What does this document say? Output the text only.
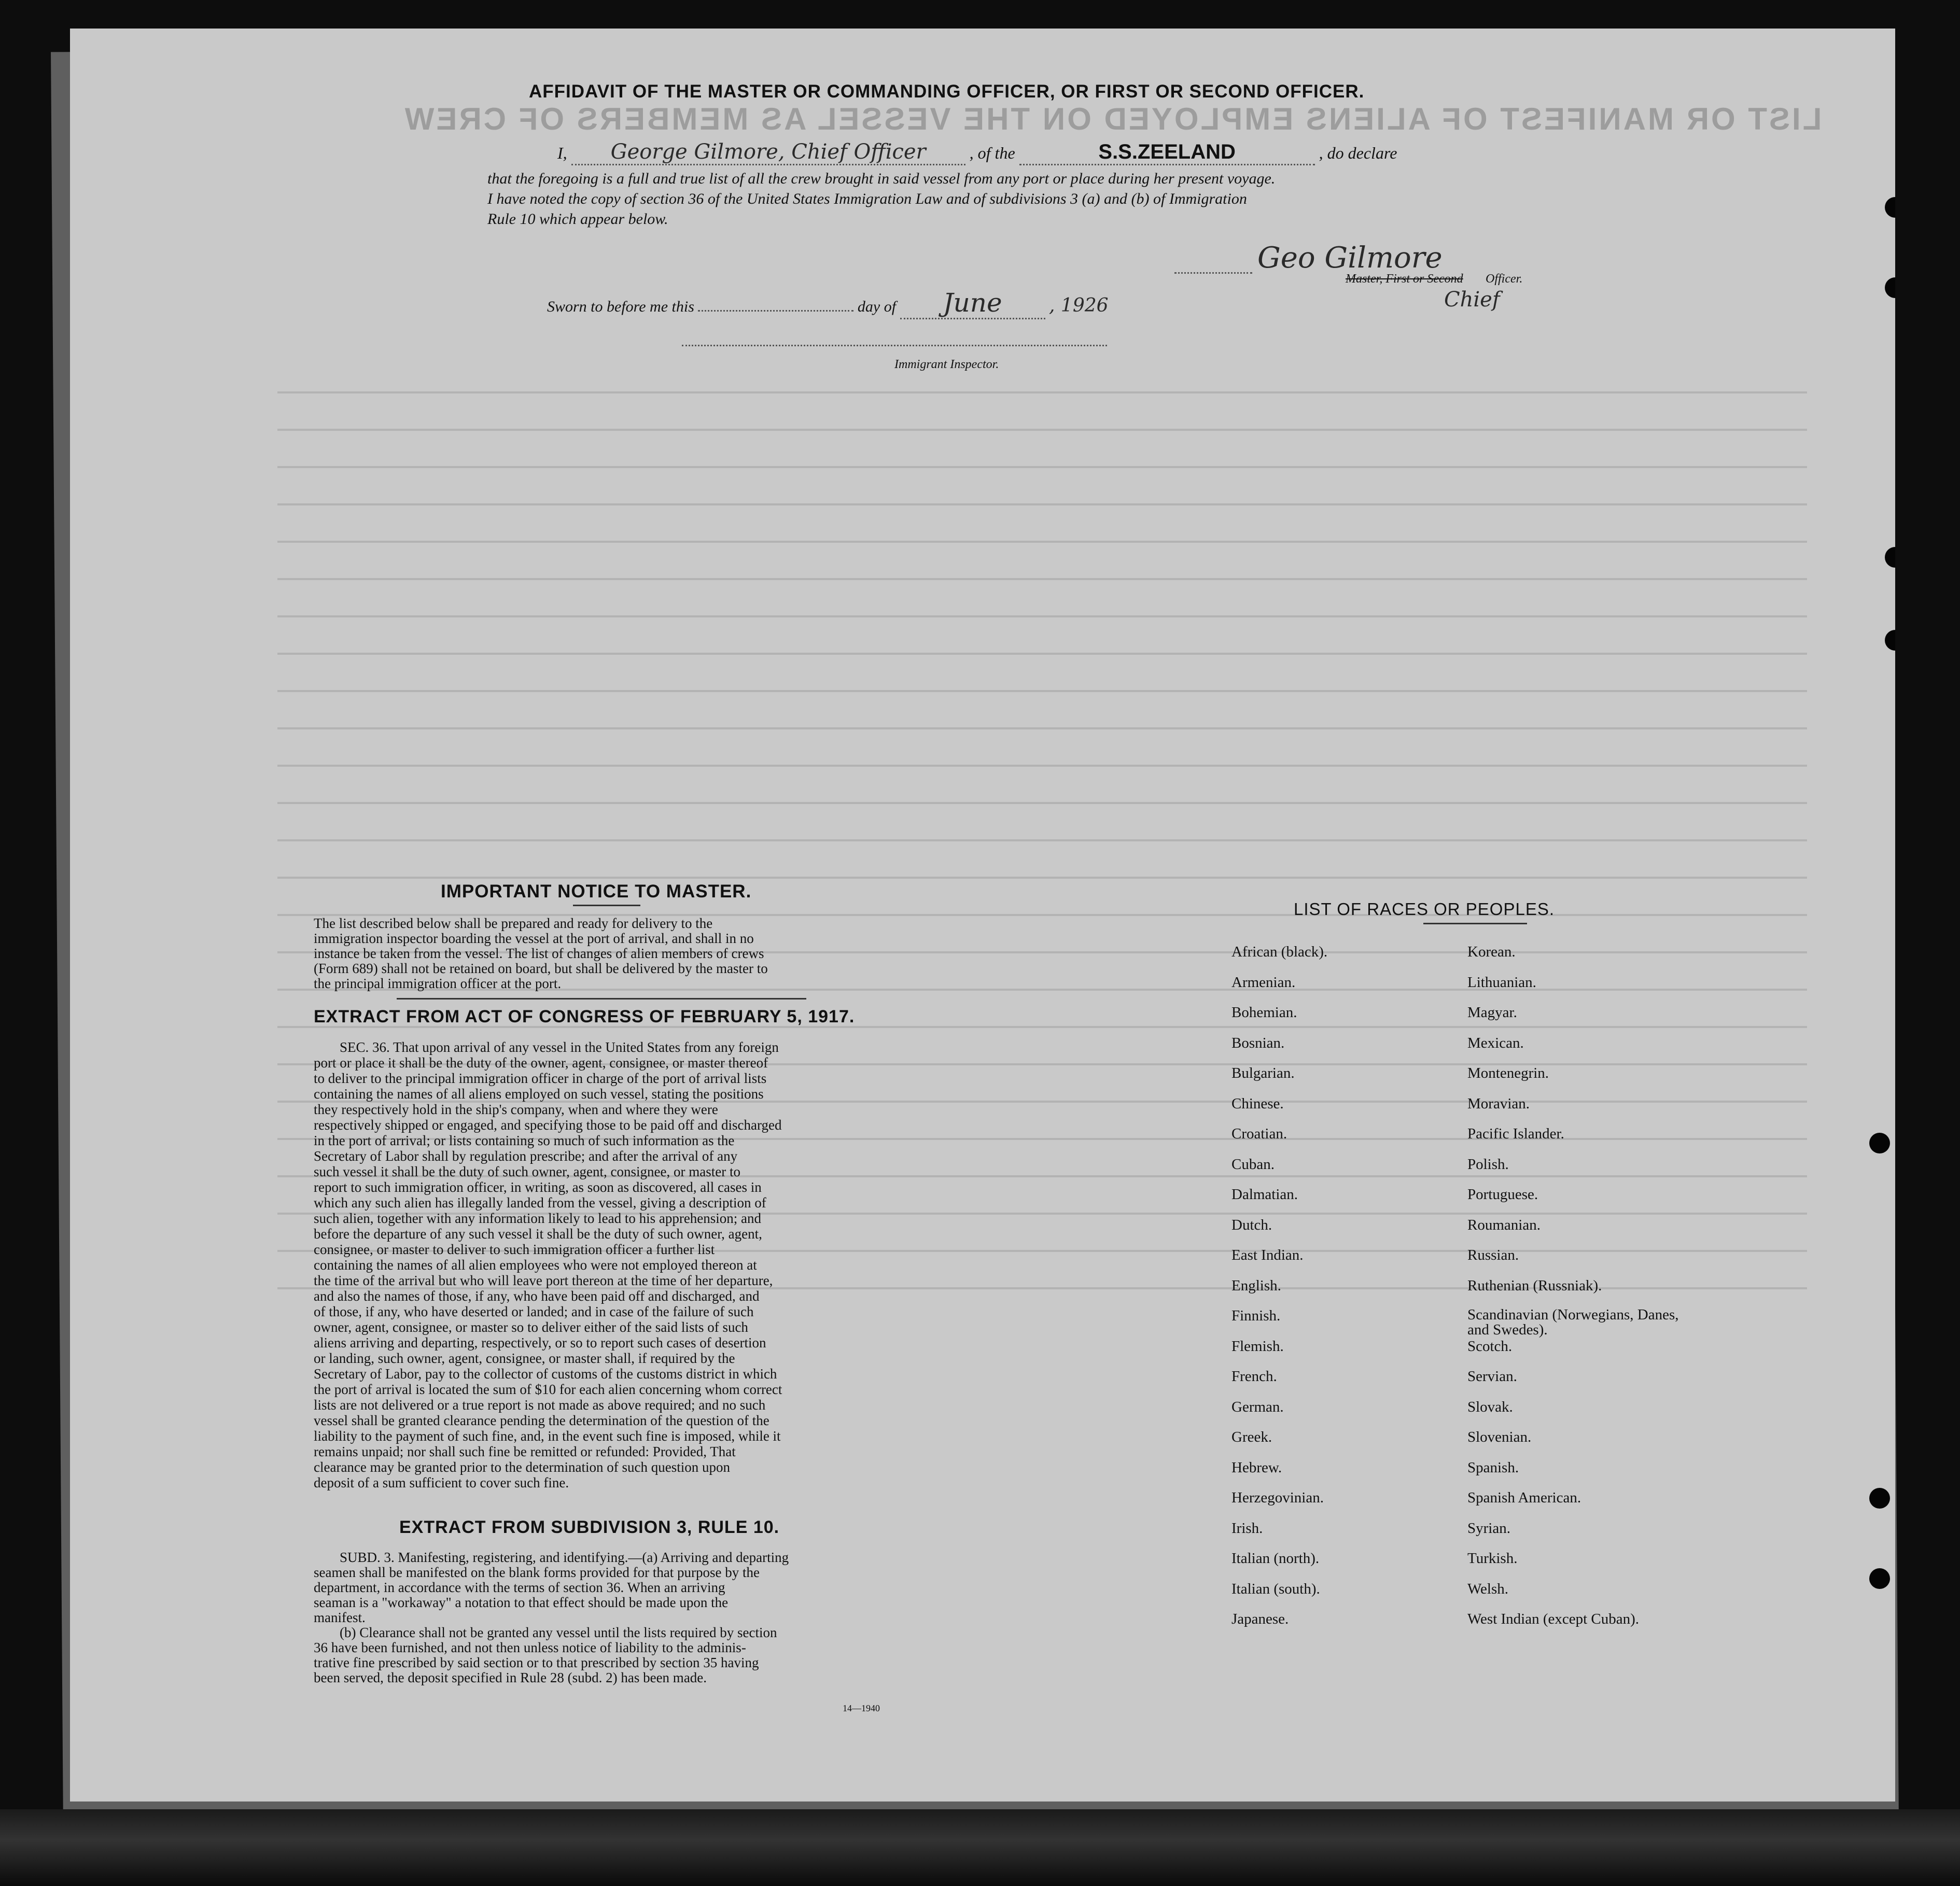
LIST OR MANIFEST OF ALIENS EMPLOYED ON THE VESSEL AS MEMBERS OF CREW
AFFIDAVIT OF THE MASTER OR COMMANDING OFFICER, OR FIRST OR SECOND OFFICER.
I, George Gilmore, Chief Officer	, of the	S.S.ZEELAND	, do declare
that the foregoing is a full and true list of all the crew brought in said vessel from any port or place during her present voyage.
I have noted the copy of section 36 of the United States Immigration Law and of subdivisions 3 (a) and (b) of Immigration
Rule 10 which appear below.
Geo Gilmore
Master, First or Second Officer.
Chief
Sworn to before me this	day of June	, 1926
Immigrant Inspector.
IMPORTANT NOTICE TO MASTER.
The list described below shall be prepared and ready for delivery to the
immigration inspector boarding the vessel at the port of arrival, and shall in no
instance be taken from the vessel. The list of changes of alien members of crews
(Form 689) shall not be retained on board, but shall be delivered by the master to
the principal immigration officer at the port.
EXTRACT FROM ACT OF CONGRESS OF FEBRUARY 5, 1917.
SEC. 36. That upon arrival of any vessel in the United States from any foreign
port or place it shall be the duty of the owner, agent, consignee, or master thereof
to deliver to the principal immigration officer in charge of the port of arrival lists
containing the names of all aliens employed on such vessel, stating the positions
they respectively hold in the ship's company, when and where they were
respectively shipped or engaged, and specifying those to be paid off and discharged
in the port of arrival; or lists containing so much of such information as the
Secretary of Labor shall by regulation prescribe; and after the arrival of any
such vessel it shall be the duty of such owner, agent, consignee, or master to
report to such immigration officer, in writing, as soon as discovered, all cases in
which any such alien has illegally landed from the vessel, giving a description of
such alien, together with any information likely to lead to his apprehension; and
before the departure of any such vessel it shall be the duty of such owner, agent,
consignee, or master to deliver to such immigration officer a further list
containing the names of all alien employees who were not employed thereon at
the time of the arrival but who will leave port thereon at the time of her departure,
and also the names of those, if any, who have been paid off and discharged, and
of those, if any, who have deserted or landed; and in case of the failure of such
owner, agent, consignee, or master so to deliver either of the said lists of such
aliens arriving and departing, respectively, or so to report such cases of desertion
or landing, such owner, agent, consignee, or master shall, if required by the
Secretary of Labor, pay to the collector of customs of the customs district in which
the port of arrival is located the sum of $10 for each alien concerning whom correct
lists are not delivered or a true report is not made as above required; and no such
vessel shall be granted clearance pending the determination of the question of the
liability to the payment of such fine, and, in the event such fine is imposed, while it
remains unpaid; nor shall such fine be remitted or refunded: Provided, That
clearance may be granted prior to the determination of such question upon
deposit of a sum sufficient to cover such fine.
EXTRACT FROM SUBDIVISION 3, RULE 10.
SUBD. 3. Manifesting, registering, and identifying.—(a) Arriving and departing
seamen shall be manifested on the blank forms provided for that purpose by the
department, in accordance with the terms of section 36. When an arriving
seaman is a "workaway" a notation to that effect should be made upon the
manifest.
(b) Clearance shall not be granted any vessel until the lists required by section
36 have been furnished, and not then unless notice of liability to the adminis-
trative fine prescribed by said section or to that prescribed by section 35 having
been served, the deposit specified in Rule 28 (subd. 2) has been made.
14—1940
LIST OF RACES OR PEOPLES.
African (black).
Armenian.
Bohemian.
Bosnian.
Bulgarian.
Chinese.
Croatian.
Cuban.
Dalmatian.
Dutch.
East Indian.
English.
Finnish.
Flemish.
French.
German.
Greek.
Hebrew.
Herzegovinian.
Irish.
Italian (north).
Italian (south).
Japanese.
Korean.
Lithuanian.
Magyar.
Mexican.
Montenegrin.
Moravian.
Pacific Islander.
Polish.
Portuguese.
Roumanian.
Russian.
Ruthenian (Russniak).
Scandinavian (Norwegians, Danes, and Swedes).
Scotch.
Servian.
Slovak.
Slovenian.
Spanish.
Spanish American.
Syrian.
Turkish.
Welsh.
West Indian (except Cuban).
